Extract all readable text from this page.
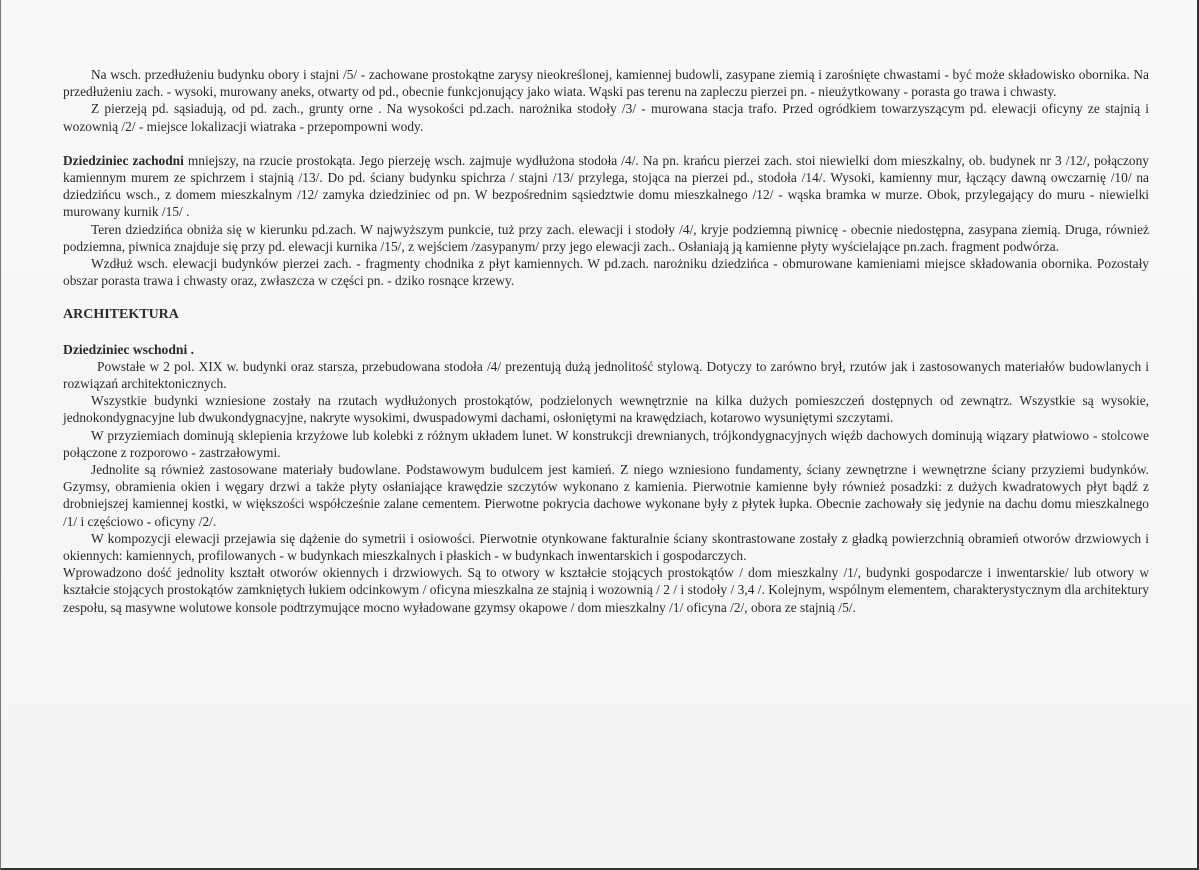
Na wsch. przedłużeniu budynku obory i stajni /5/ - zachowane prostokątne zarysy nieokreślonej, kamiennej budowli, zasypane ziemią i zarośnięte chwastami - być może składowisko obornika. Na przedłużeniu zach. - wysoki, murowany aneks, otwarty od pd., obecnie funkcjonujący jako wiata. Wąski pas terenu na zapleczu pierzei pn. - nieużytkowany - porasta go trawa i chwasty.

Z pierzeją pd. sąsiadują, od pd. zach., grunty orne . Na wysokości pd.zach. narożnika stodoły /3/ - murowana stacja trafo. Przed ogródkiem towarzyszącym pd. elewacji oficyny ze stajnią i wozownią /2/ - miejsce lokalizacji wiatraka - przepompowni wody.

Dziedziniec zachodni mniejszy, na rzucie prostokąta. Jego pierzeję wsch. zajmuje wydłużona stodoła /4/. Na pn. krańcu pierzei zach. stoi niewielki dom mieszkalny, ob. budynek nr 3 /12/, połączony kamiennym murem ze spichrzem i stajnią /13/. Do pd. ściany budynku spichrza / stajni /13/ przylega, stojąca na pierzei pd., stodoła /14/. Wysoki, kamienny mur, łączący dawną owczarnię /10/ na dziedzińcu wsch., z domem mieszkalnym /12/ zamyka dziedziniec od pn. W bezpośrednim sąsiedztwie domu mieszkalnego /12/ - wąska bramka w murze. Obok, przylegający do muru - niewielki murowany kurnik /15/ .

Teren dziedzińca obniża się w kierunku pd.zach. W najwyższym punkcie, tuż przy zach. elewacji i stodoły /4/, kryje podziemną piwnicę - obecnie niedostępna, zasypana ziemią. Druga, również podziemna, piwnica znajduje się przy pd. elewacji kurnika /15/, z wejściem /zasypanym/ przy jego elewacji zach.. Osłaniają ją kamienne płyty wyścielające pn.zach. fragment podwórza.

Wzdłuż wsch. elewacji budynków pierzei zach. - fragmenty chodnika z płyt kamiennych. W pd.zach. narożniku dziedzińca - obmurowane kamieniami miejsce składowania obornika. Pozostały obszar porasta trawa i chwasty oraz, zwłaszcza w części pn. - dziko rosnące krzewy.

ARCHITEKTURA

Dziedziniec wschodni .

Powstałe w 2 pol. XIX w. budynki oraz starsza, przebudowana stodoła /4/ prezentują dużą jednolitość stylową. Dotyczy to zarówno brył, rzutów jak i zastosowanych materiałów budowlanych i rozwiązań architektonicznych.

Wszystkie budynki wzniesione zostały na rzutach wydłużonych prostokątów, podzielonych wewnętrznie na kilka dużych pomieszczeń dostępnych od zewnątrz. Wszystkie są wysokie, jednokondygnacyjne lub dwukondygnacyjne, nakryte wysokimi, dwuspadowymi dachami, osłoniętymi na krawędziach, kotarowo wysuniętymi szczytami.

W przyziemiach dominują sklepienia krzyżowe lub kolebki z różnym układem lunet. W konstrukcji drewnianych, trójkondygnacyjnych więźb dachowych dominują wiązary płatwiowo - stolcowe połączone z rozporowo - zastrzałowymi.

Jednolite są również zastosowane materiały budowlane. Podstawowym budulcem jest kamień. Z niego wzniesiono fundamenty, ściany zewnętrzne i wewnętrzne ściany przyziemi budynków. Gzymsy, obramienia okien i węgary drzwi a także płyty osłaniające krawędzie szczytów wykonano z kamienia. Pierwotnie kamienne były również posadzki: z dużych kwadratowych płyt bądź z drobniejszej kamiennej kostki, w większości współcześnie zalane cementem. Pierwotne pokrycia dachowe wykonane były z płytek łupka. Obecnie zachowały się jedynie na dachu domu mieszkalnego /1/ i częściowo - oficyny /2/.

W kompozycji elewacji przejawia się dążenie do symetrii i osiowości. Pierwotnie otynkowane fakturalnie ściany skontrastowane zostały z gładką powierzchnią obramień otworów drzwiowych i okiennych: kamiennych, profilowanych - w budynkach mieszkalnych i płaskich - w budynkach inwentarskich i gospodarczych.

Wprowadzono dość jednolity kształt otworów okiennych i drzwiowych. Są to otwory w kształcie stojących prostokątów / dom mieszkalny /1/, budynki gospodarcze i inwentarskie/ lub otwory w kształcie stojących prostokątów zamkniętych łukiem odcinkowym / oficyna mieszkalna ze stajnią i wozownią / 2 / i stodoły / 3,4 /. Kolejnym, wspólnym elementem, charakterystycznym dla architektury zespołu, są masywne wolutowe konsole podtrzymujące mocno wyładowane gzymsy okapowe / dom mieszkalny /1/ oficyna /2/, obora ze stajnią /5/.
